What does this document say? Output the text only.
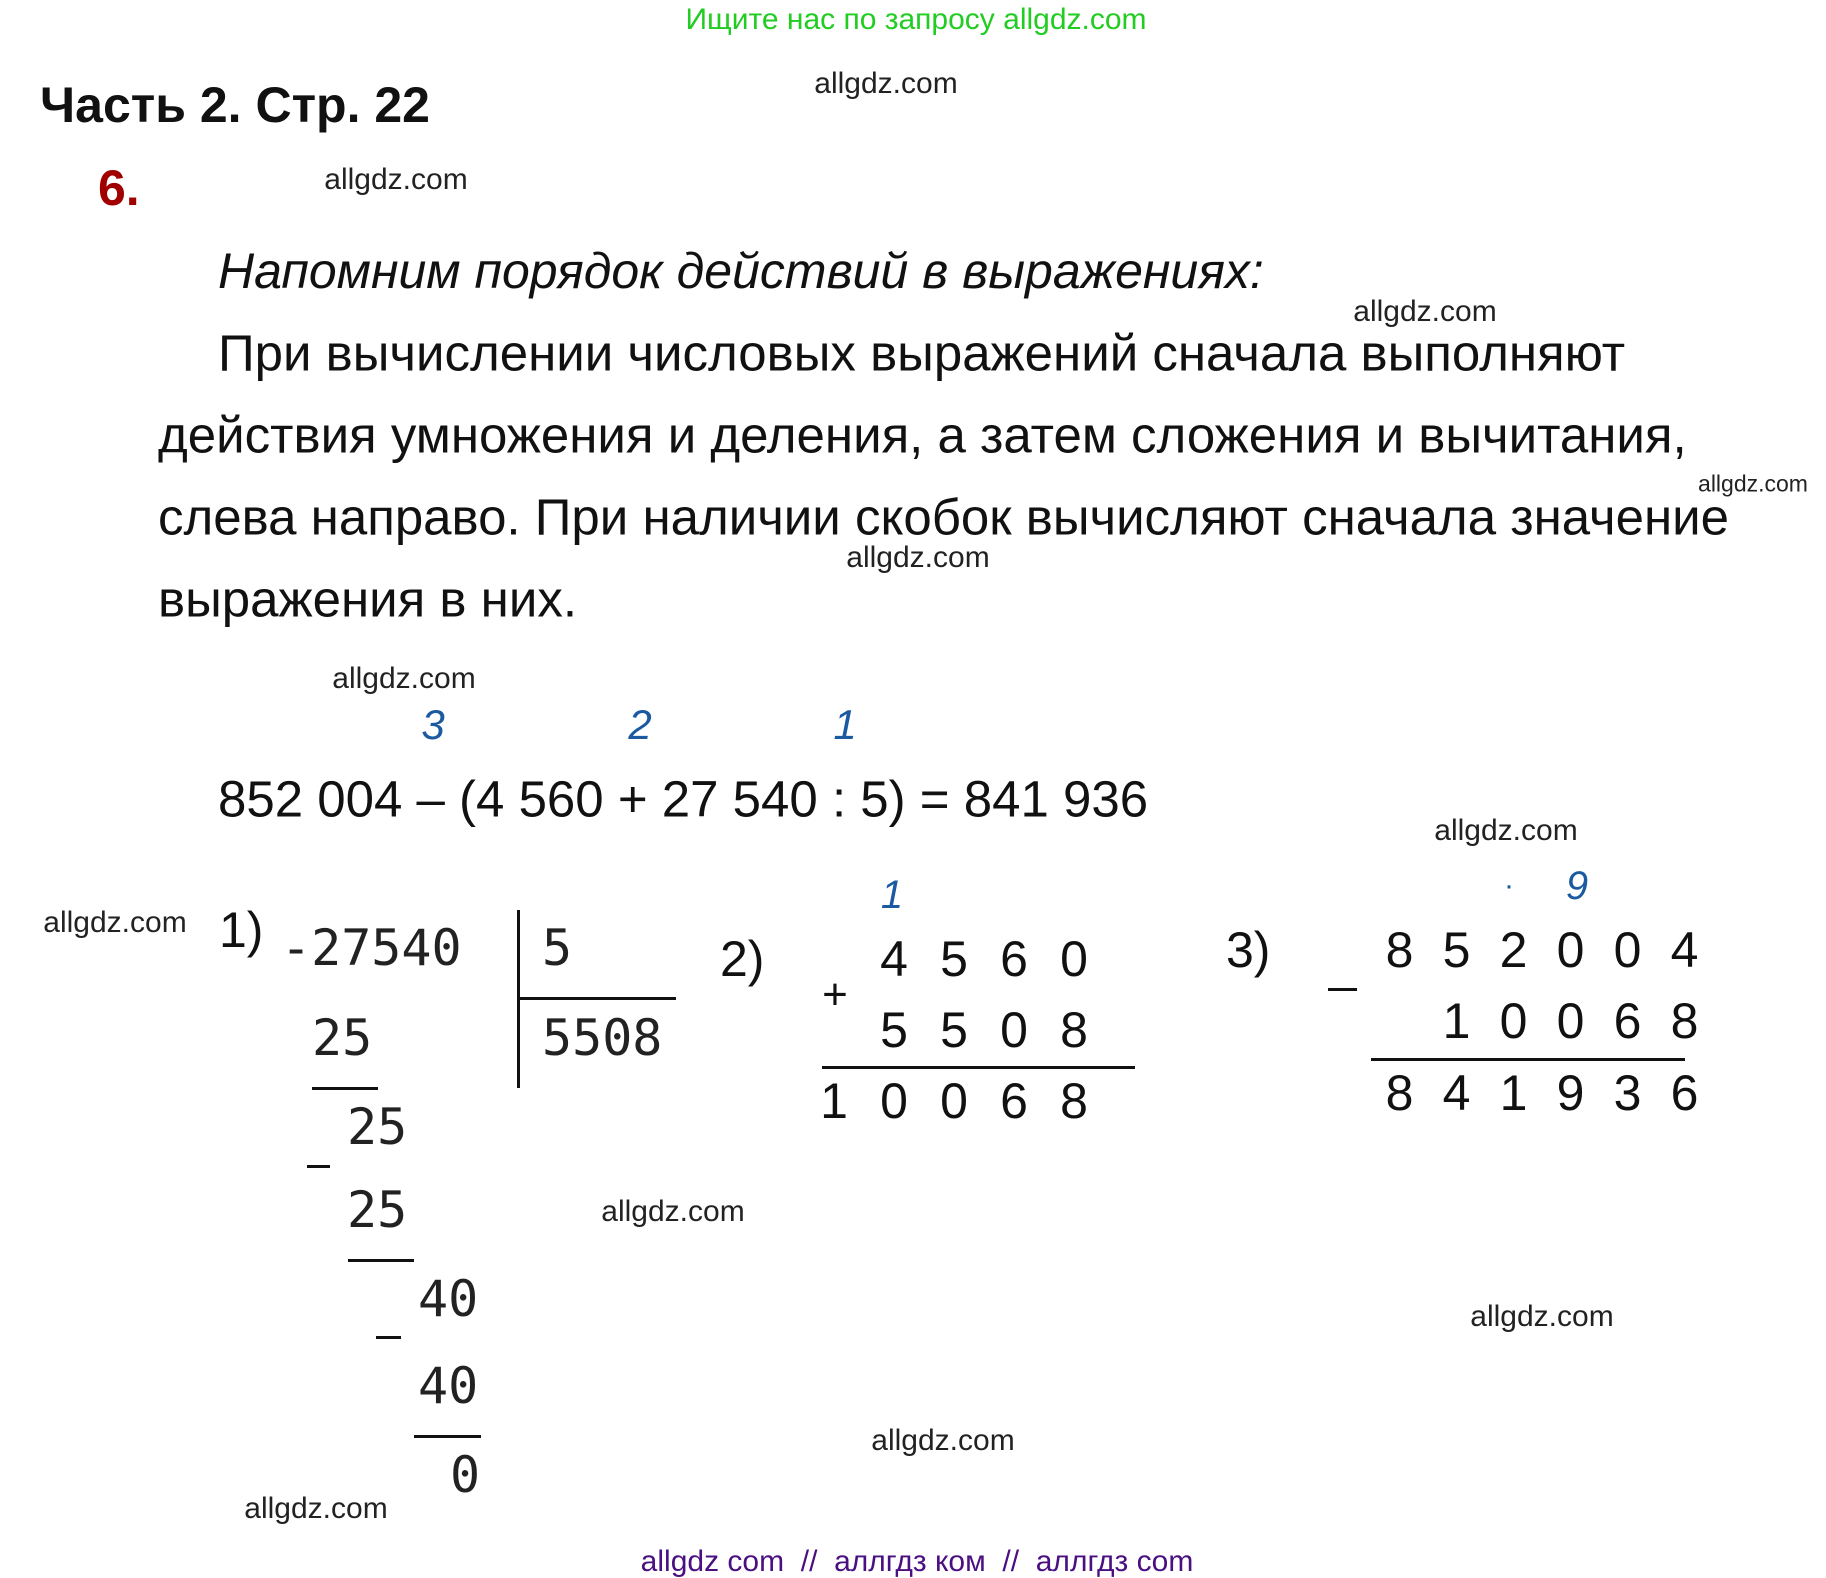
Ищите нас по запросу allgdz.com
Часть 2. Стр. 22
6.
Напомним порядок действий в выражениях:
При вычислении числовых выражений сначала выполняют
действия умножения и деления, а затем сложения и вычитания,
слева направо. При наличии скобок вычисляют сначала значение
выражения в них.
3	2	1
852 004 – (4 560 + 27 540 : 5) = 841 936
1) -27540 5
5508
25
25
25
40
40
0
2)
1
+
4 5 6 0
5 5 0 8
1 0 0 6 8
3)
· 9
8 5 2 0 0 4
1 0 0 6 8
8 4 1 9 3 6
allgdz.com
allgdz.com
allgdz.com
allgdz.com
allgdz.com
allgdz.com
allgdz.com
allgdz.com
allgdz.com
allgdz.com
allgdz.com
allgdz.com
allgdz com  //  аллгдз ком  //  аллгдз com
